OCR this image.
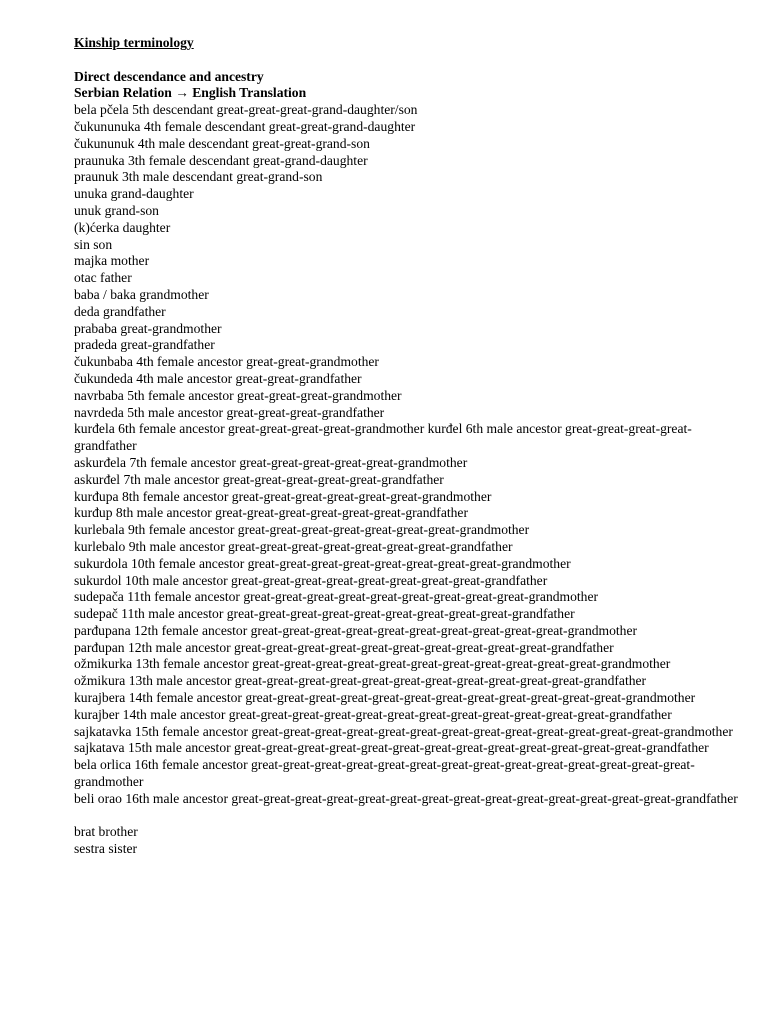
Kinship terminology

Direct descendance and ancestry

Serbian Relation → English Translation

bela pčela 5th descendant great-great-great-grand-daughter/son

čukununuka 4th female descendant great-great-grand-daughter

čukununuk 4th male descendant great-great-grand-son

praunuka 3th female descendant great-grand-daughter

praunuk 3th male descendant great-grand-son

unuka grand-daughter

unuk grand-son

(k)ćerka daughter

sin son

majka mother

otac father

baba / baka grandmother

deda grandfather

prababa great-grandmother

pradeda great-grandfather

čukunbaba 4th female ancestor great-great-grandmother

čukundeda 4th male ancestor great-great-grandfather

navrbaba 5th female ancestor great-great-great-grandmother

navrdeda 5th male ancestor great-great-great-grandfather

kurđela 6th female ancestor great-great-great-great-grandmother kurđel 6th male ancestor great-great-great-great-grandfather

askurđela 7th female ancestor great-great-great-great-great-grandmother

askurđel 7th male ancestor great-great-great-great-great-grandfather

kurđupa 8th female ancestor great-great-great-great-great-great-grandmother

kurđup 8th male ancestor great-great-great-great-great-great-grandfather

kurlebala 9th female ancestor great-great-great-great-great-great-great-grandmother

kurlebalo 9th male ancestor great-great-great-great-great-great-great-grandfather

sukurdola 10th female ancestor great-great-great-great-great-great-great-great-grandmother

sukurdol 10th male ancestor great-great-great-great-great-great-great-great-grandfather

sudepača 11th female ancestor great-great-great-great-great-great-great-great-great-grandmother

sudepač 11th male ancestor great-great-great-great-great-great-great-great-great-grandfather

parđupana 12th female ancestor great-great-great-great-great-great-great-great-great-great-grandmother

parđupan 12th male ancestor great-great-great-great-great-great-great-great-great-great-grandfather

ožmikurka 13th female ancestor great-great-great-great-great-great-great-great-great-great-great-grandmother

ožmikura 13th male ancestor great-great-great-great-great-great-great-great-great-great-great-grandfather

kurajbera 14th female ancestor great-great-great-great-great-great-great-great-great-great-great-great-grandmother

kurajber 14th male ancestor great-great-great-great-great-great-great-great-great-great-great-great-grandfather

sajkatavka 15th female ancestor great-great-great-great-great-great-great-great-great-great-great-great-great-grandmother

sajkatava 15th male ancestor great-great-great-great-great-great-great-great-great-great-great-great-great-grandfather

bela orlica 16th female ancestor great-great-great-great-great-great-great-great-great-great-great-great-great-great-grandmother

beli orao 16th male ancestor great-great-great-great-great-great-great-great-great-great-great-great-great-great-grandfather

brat brother

sestra sister
